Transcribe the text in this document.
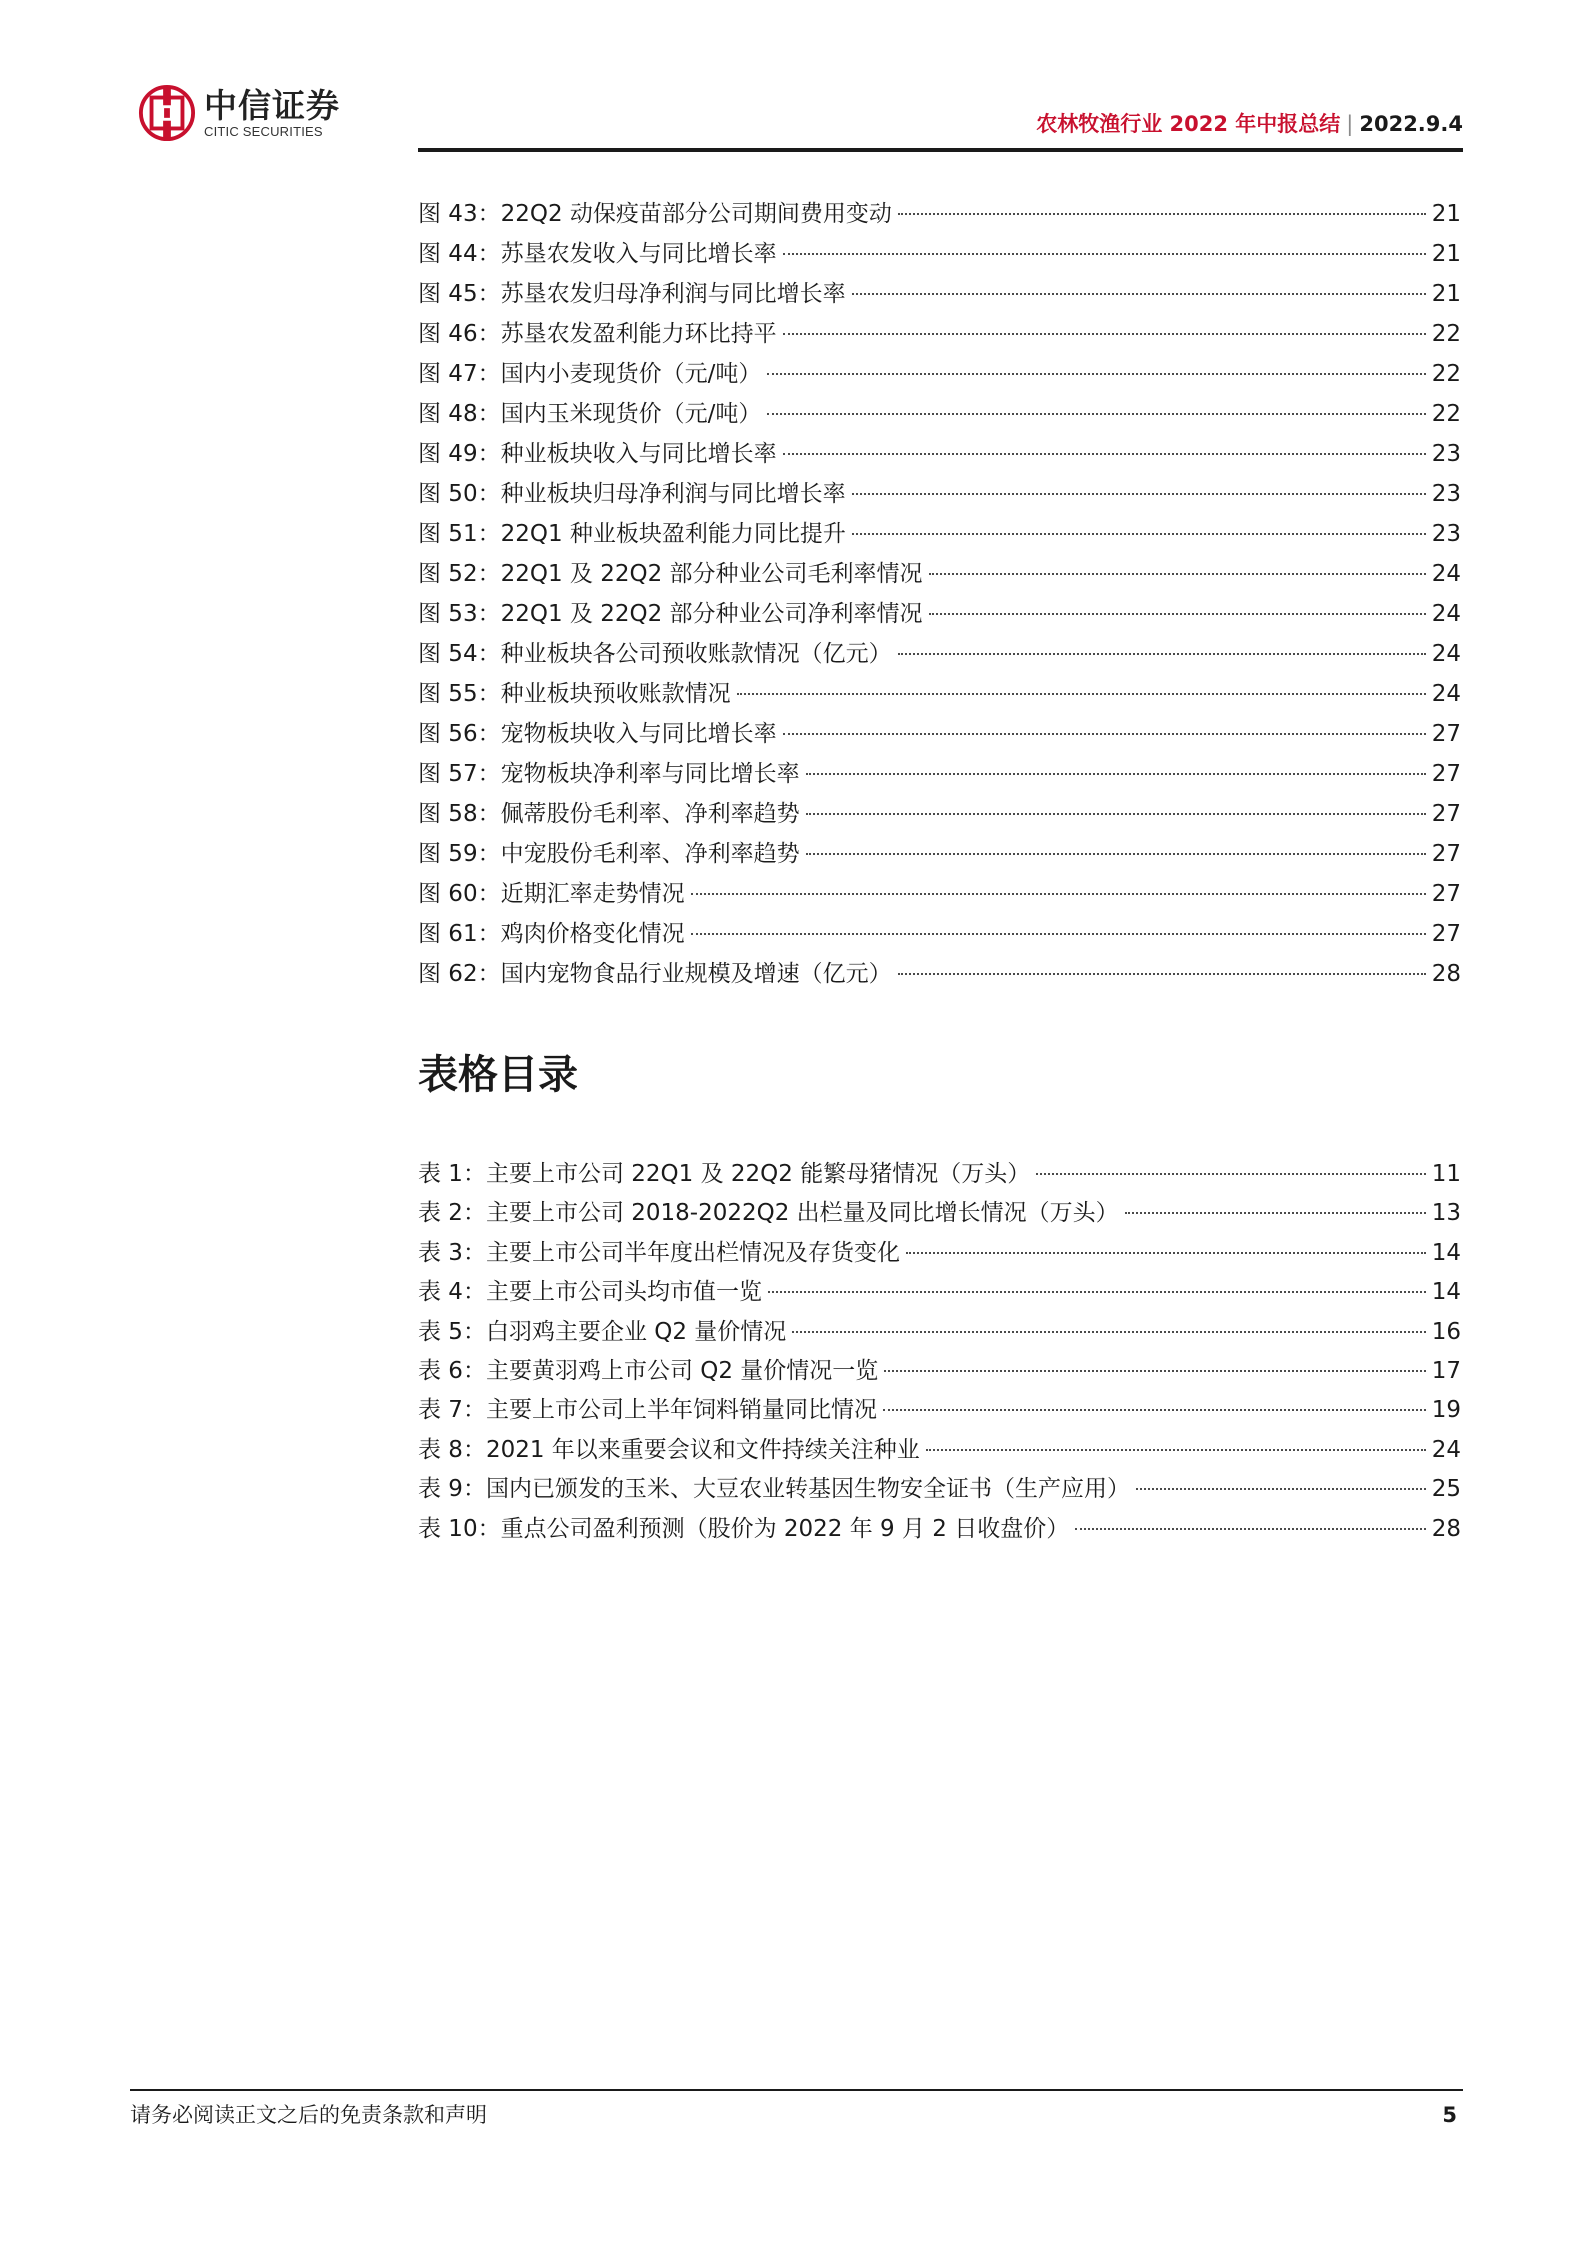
中信证券
CITIC SECURITIES	农林牧渔行业 2022 年中报总结 | 2022.9.4
图 43：22Q2 动保疫苗部分公司期间费用变动	21
图 44：苏垦农发收入与同比增长率	21
图 45：苏垦农发归母净利润与同比增长率	21
图 46：苏垦农发盈利能力环比持平	22
图 47：国内小麦现货价（元/吨）	22
图 48：国内玉米现货价（元/吨）	22
图 49：种业板块收入与同比增长率	23
图 50：种业板块归母净利润与同比增长率	23
图 51：22Q1 种业板块盈利能力同比提升	23
图 52：22Q1 及 22Q2 部分种业公司毛利率情况	24
图 53：22Q1 及 22Q2 部分种业公司净利率情况	24
图 54：种业板块各公司预收账款情况（亿元）	24
图 55：种业板块预收账款情况	24
图 56：宠物板块收入与同比增长率	27
图 57：宠物板块净利率与同比增长率	27
图 58：佩蒂股份毛利率、净利率趋势	27
图 59：中宠股份毛利率、净利率趋势	27
图 60：近期汇率走势情况	27
图 61：鸡肉价格变化情况	27
图 62：国内宠物食品行业规模及增速（亿元）	28
表格目录
表 1：主要上市公司 22Q1 及 22Q2 能繁母猪情况（万头）	11
表 2：主要上市公司 2018-2022Q2 出栏量及同比增长情况（万头）	13
表 3：主要上市公司半年度出栏情况及存货变化	14
表 4：主要上市公司头均市值一览	14
表 5：白羽鸡主要企业 Q2 量价情况	16
表 6：主要黄羽鸡上市公司 Q2 量价情况一览	17
表 7：主要上市公司上半年饲料销量同比情况	19
表 8：2021 年以来重要会议和文件持续关注种业	24
表 9：国内已颁发的玉米、大豆农业转基因生物安全证书（生产应用）	25
表 10：重点公司盈利预测（股价为 2022 年 9 月 2 日收盘价）	28
请务必阅读正文之后的免责条款和声明	5
